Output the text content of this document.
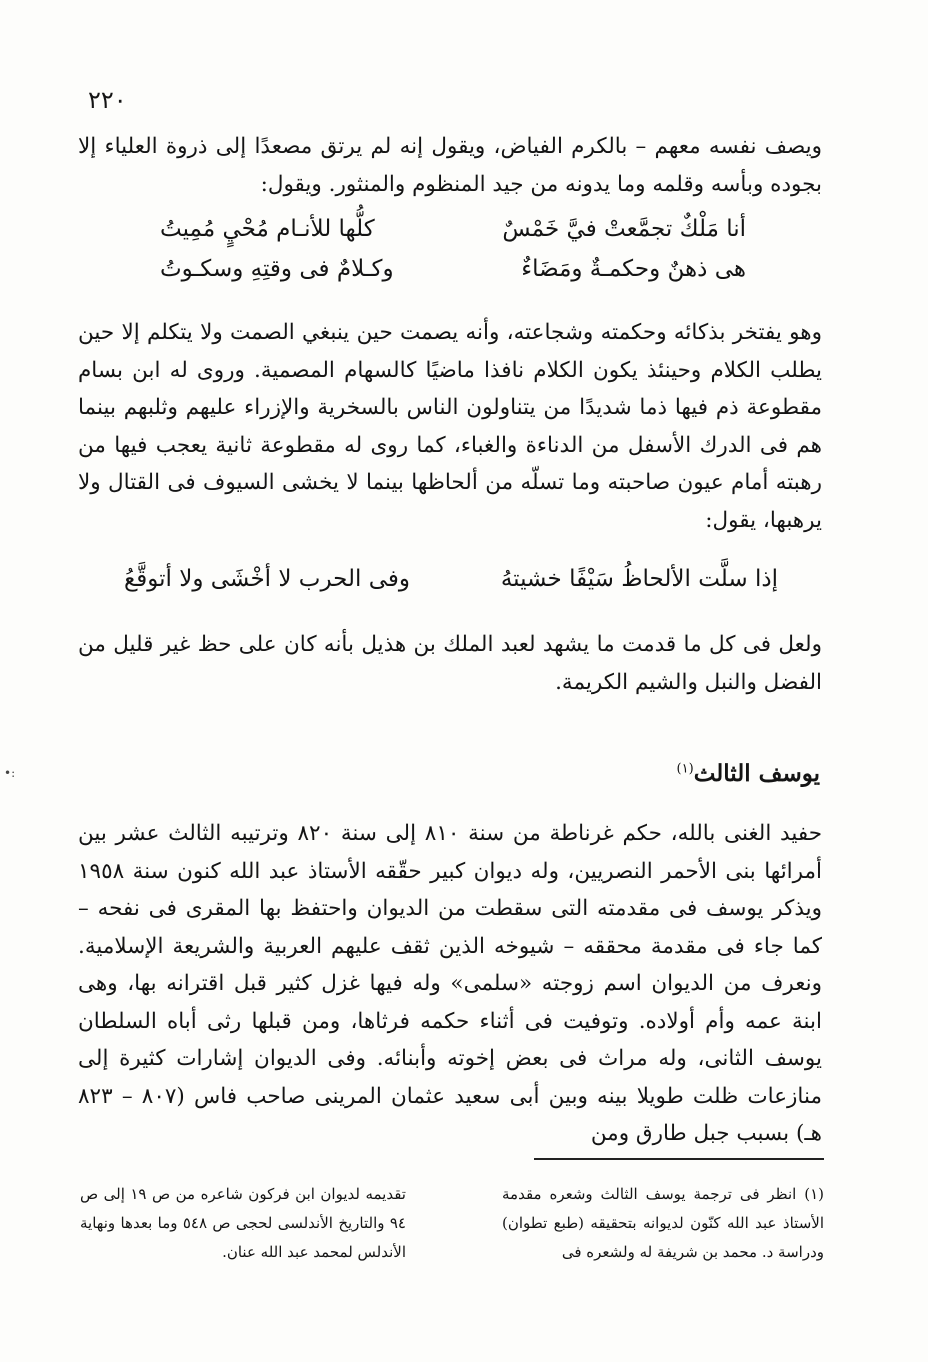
٢٢٠

ويصف نفسه معهم – بالكرم الفياض، ويقول إنه لم يرتق مصعدًا إلى ذروة العلياء إلا بجوده وبأسه وقلمه وما يدونه من جيد المنظوم والمنثور. ويقول:

أنا مَلْكٌ تجمَّعتْ فيَّ خَمْسٌ
كلُّها للأنـام مُحْيٍ مُمِيتُ
هى ذهنٌ وحكمـةٌ ومَضَاءٌ
وكـلامٌ فى وقتِهِ وسكـوتُ

وهو يفتخر بذكائه وحكمته وشجاعته، وأنه يصمت حين ينبغي الصمت ولا يتكلم إلا حين يطلب الكلام وحينئذ يكون الكلام نافذا ماضيًا كالسهام المصمية. وروى له ابن بسام مقطوعة ذم فيها ذما شديدًا من يتناولون الناس بالسخرية والإزراء عليهم وثلبهم بينما هم فى الدرك الأسفل من الدناءة والغباء، كما روى له مقطوعة ثانية يعجب فيها من رهبته أمام عيون صاحبته وما تسلّه من ألحاظها بينما لا يخشى السيوف فى القتال ولا يرهبها، يقول:

إذا سلَّت الألحاظُ سَيْفًا خشيتهُ
وفى الحرب لا أخْشَى ولا أتوقَّعُ

ولعل فى كل ما قدمت ما يشهد لعبد الملك بن هذيل بأنه كان على حظ غير قليل من الفضل والنبل والشيم الكريمة.

يوسف الثالث$^{(١)}$

حفيد الغنى بالله، حكم غرناطة من سنة ٨١٠ إلى سنة ٨٢٠ وترتيبه الثالث عشر بين أمرائها بنى الأحمر النصريين، وله ديوان كبير حقّقه الأستاذ عبد الله كنون سنة ١٩٥٨ ويذكر يوسف فى مقدمته التى سقطت من الديوان واحتفظ بها المقرى فى نفحه – كما جاء فى مقدمة محققه – شيوخه الذين ثقف عليهم العربية والشريعة الإسلامية. ونعرف من الديوان اسم زوجته «سلمى» وله فيها غزل كثير قبل اقترانه بها، وهى ابنة عمه وأم أولاده. وتوفيت فى أثناء حكمه فرثاها، ومن قبلها رثى أباه السلطان يوسف الثانى، وله مراث فى بعض إخوته وأبنائه. وفى الديوان إشارات كثيرة إلى منازعات ظلت طويلا بينه وبين أبى سعيد عثمان المرينى صاحب فاس (٨٠٧ – ٨٢٣ هـ) بسبب جبل طارق ومن

(١) انظر فى ترجمة يوسف الثالث وشعره مقدمة الأستاذ عبد الله كنّون لديوانه بتحقيقه (طبع تطوان) ودراسة د. محمد بن شريفة له ولشعره فى

تقديمه لديوان ابن فركون شاعره من ص ١٩ إلى ص ٩٤ والتاريخ الأندلسى لحجى ص ٥٤٨ وما بعدها ونهاية الأندلس لمحمد عبد الله عنان.

•:
